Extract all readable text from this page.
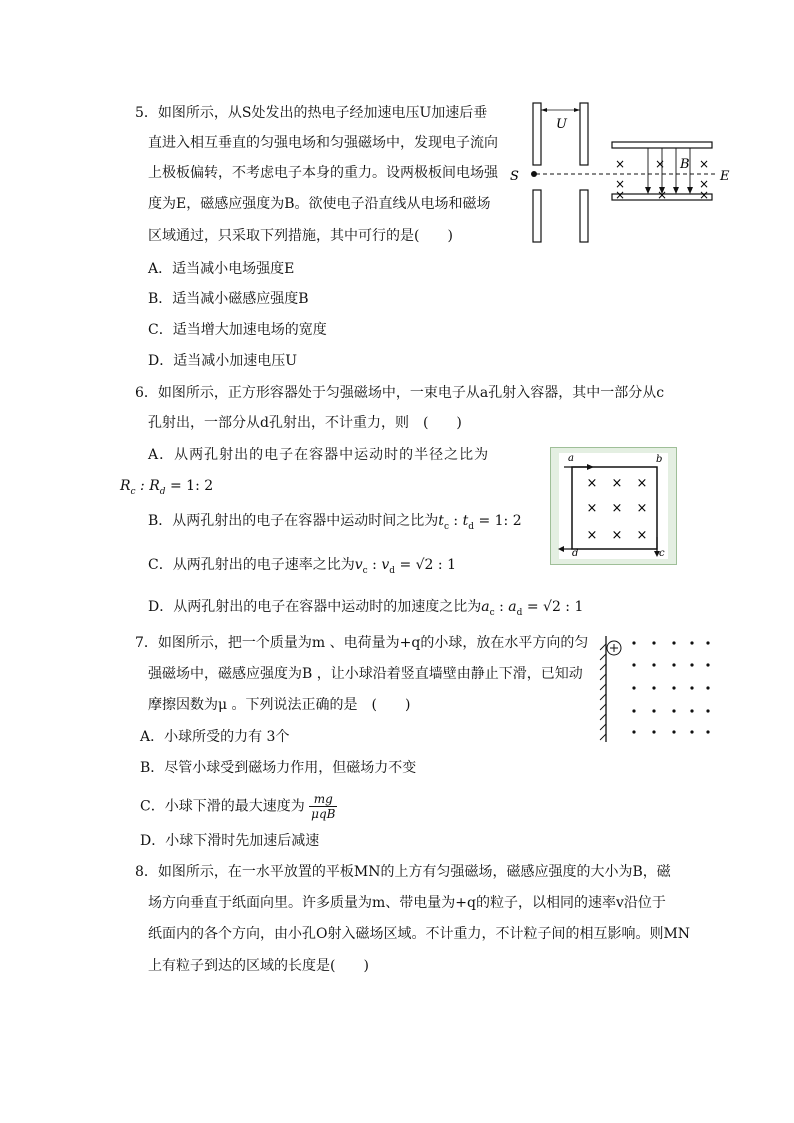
5．如图所示，从S处发出的热电子经加速电压U加速后垂
直进入相互垂直的匀强电场和匀强磁场中，发现电子流向
上极板偏转，不考虑电子本身的重力。设两极板间电场强
度为E，磁感应强度为B。欲使电子沿直线从电场和磁场
区域通过，只采取下列措施，其中可行的是(　　)
A．适当减小电场强度E
B．适当减小磁感应强度B
C．适当增大加速电场的宽度
D．适当减小加速电压U
U
S
× ×	×
×	×
×	×	×
B
E
6．如图所示，正方形容器处于匀强磁场中，一束电子从a孔射入容器，其中一部分从c
孔射出，一部分从d孔射出，不计重力，则　(　　)
A．从两孔射出的电子在容器中运动时的半径之比为
$R_c$ : $R_d = 1$: 2
B．从两孔射出的电子在容器中运动时间之比为$t_c$ : $t_d = 1$: 2
C．从两孔射出的电子速率之比为$v_c$ : $v_d = √2$ : 1
D．从两孔射出的电子在容器中运动时的加速度之比为$a_c$ : $a_d = √2$ : 1
a	b
d	c
× × ×
× × ×
× × ×
7．如图所示，把一个质量为m 、电荷量为+q的小球，放在水平方向的匀
强磁场中，磁感应强度为B ，让小球沿着竖直墙壁由静止下滑，已知动
摩擦因数为μ 。下列说法正确的是　(　　)
A．小球所受的力有 3个
B．尽管小球受到磁场力作用，但磁场力不变
C．小球下滑的最大速度为 $\frac{mg}{\text{μqB}}$
D．小球下滑时先加速后减速
8．如图所示，在一水平放置的平板MN的上方有匀强磁场，磁感应强度的大小为B，磁
场方向垂直于纸面向里。许多质量为m、带电量为+q的粒子，以相同的速率v沿位于
纸面内的各个方向，由小孔O射入磁场区域。不计重力，不计粒子间的相互影响。则MN
上有粒子到达的区域的长度是(　　)
